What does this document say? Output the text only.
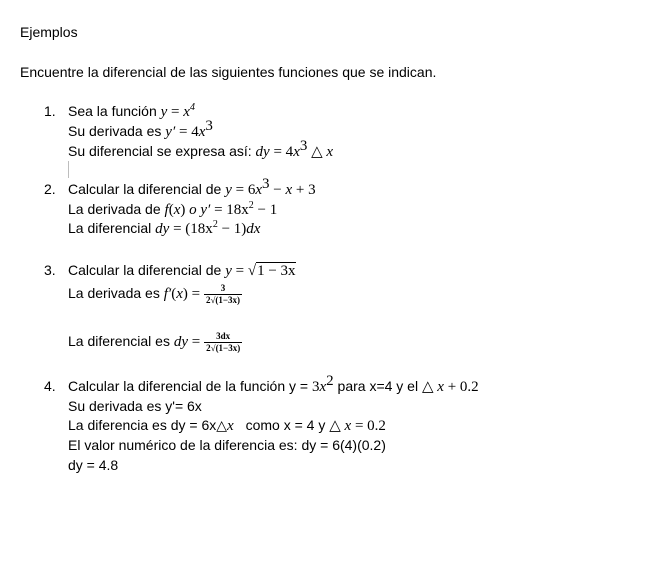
Ejemplos
Encuentre la diferencial de las siguientes funciones que se indican.
1. Sea la función $y = x^4$
Su derivada es $y' = 4x^3$
Su diferencial se expresa así: dy = $4x^3$ △ x
2. Calcular la diferencial de $y = 6x^3 - x + 3$
La derivada de f(x) o $y' = 18x^2 - 1$
La diferencial dy = $(18x^2 - 1)dx$
3. Calcular la diferencial de y = √1 − 3x
La derivada es $f'(x) = \frac{3}{2√(1-3x)}$
La diferencial es dy = $\frac{3dx}{2√(1-3x)}$
4. Calcular la diferencial de la función $y = 3x^2$ para x=4 y el △ x + 0.2
Su derivada es y'= 6x
La diferencia es dy = 6x△x como x = 4 y △ x = 0.2
El valor numérico de la diferencia es: dy = 6(4)(0.2)
dy = 4.8
